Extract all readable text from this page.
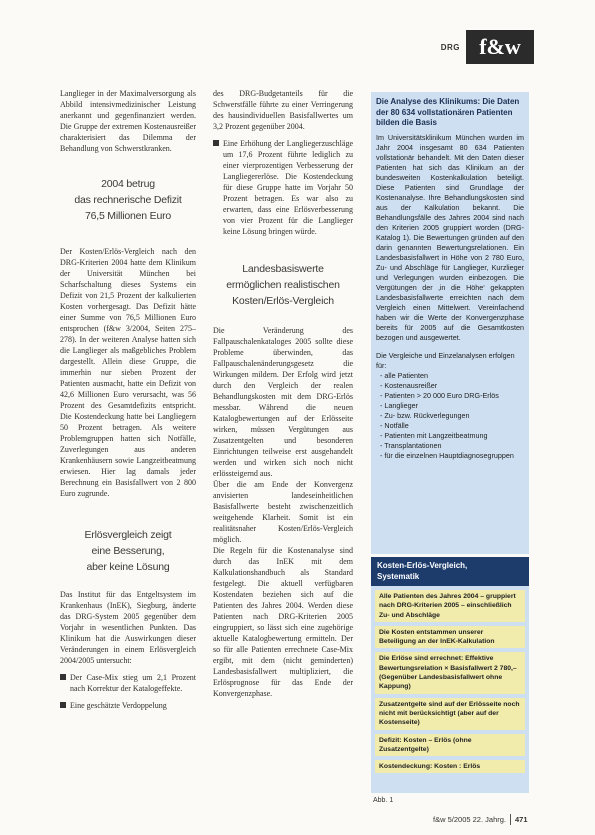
DRG f&w

Langlieger in der Maximalversorgung als Abbild intensivmedizinischer Leistung anerkannt und gegenfinanziert werden. Die Gruppe der extremen Kostenausreißer charakterisiert das Dilemma der Behandlung von Schwerstkranken.

2004 betrug
das rechnerische Defizit
76,5 Millionen Euro

Der Kosten/Erlös-Vergleich nach den DRG-Kriterien 2004 hatte dem Klinikum der Universität München bei Scharfschaltung dieses Systems ein Defizit von 21,5 Prozent der kalkulierten Kosten vorhergesagt. Das Defizit hätte einer Summe von 76,5 Millionen Euro entsprochen (f&w 3/2004, Seiten 275–278). In der weiteren Analyse hatten sich die Langlieger als maßgebliches Problem dargestellt. Allein diese Gruppe, die immerhin nur sieben Prozent der Patienten ausmacht, hatte ein Defizit von 42,6 Millionen Euro verursacht, was 56 Prozent des Gesamtdefizits entspricht. Die Kostendeckung hatte bei Langliegern 50 Prozent betragen. Als weitere Problemgruppen hatten sich Notfälle, Zuverlegungen aus anderen Krankenhäusern sowie Langzeitbeatmung erwiesen. Hier lag damals jeder Berechnung ein Basisfallwert von 2 800 Euro zugrunde.

Erlösvergleich zeigt
eine Besserung,
aber keine Lösung

Das Institut für das Entgeltsystem im Krankenhaus (InEK), Siegburg, änderte das DRG-System 2005 gegenüber dem Vorjahr in wesentlichen Punkten. Das Klinikum hat die Auswirkungen dieser Veränderungen in einem Erlösvergleich 2004/2005 untersucht:

Der Case-Mix stieg um 2,1 Prozent nach Korrektur der Katalogeffekte.
Eine geschätzte Verdoppelung

des DRG-Budgetanteils für die Schwerstfälle führte zu einer Verringerung des hausindividuellen Basisfallwertes um 3,2 Prozent gegenüber 2004.

Eine Erhöhung der Langliegerzuschläge um 17,6 Prozent führte lediglich zu einer vierprozentigen Verbesserung der Langliegererlöse. Die Kostendeckung für diese Gruppe hatte im Vorjahr 50 Prozent betragen. Es war also zu erwarten, dass eine Erlösverbesserung von vier Prozent für die Langlieger keine Lösung bringen würde.
Landesbasiswerte
ermöglichen realistischen
Kosten/Erlös-Vergleich

Die Veränderung des Fallpauschalenkataloges 2005 sollte diese Probleme überwinden, das Fallpauschalenänderungsgesetz die Wirkungen mildern. Der Erfolg wird jetzt durch den Vergleich der realen Behandlungskosten mit dem DRG-Erlös messbar. Während die neuen Katalogbewertungen auf der Erlösseite wirken, müssen Vergütungen aus Zusatzentgelten und besonderen Einrichtungen teilweise erst ausgehandelt werden und wirken sich noch nicht erlössteigernd aus.

Über die am Ende der Konvergenz anvisierten landeseinheitlichen Basisfallwerte besteht zwischenzeitlich weitgehende Klarheit. Somit ist ein realitätsnaher Kosten/Erlös-Vergleich möglich.

Die Regeln für die Kostenanalyse sind durch das InEK mit dem Kalkulationshandbuch als Standard festgelegt. Die aktuell verfügbaren Kostendaten beziehen sich auf die Patienten des Jahres 2004. Werden diese Patienten nach DRG-Kriterien 2005 eingruppiert, so lässt sich eine zugehörige aktuelle Katalogbewertung ermitteln. Der so für alle Patienten errechnete Case-Mix ergibt, mit dem (nicht geminderten) Landesbasisfallwert multipliziert, die Erlösprognose für das Ende der Konvergenzphase.

Die Analyse des Klinikums: Die Daten der 80 634 vollstationären Patienten bilden die Basis
Im Universitätsklinikum München wurden im Jahr 2004 insgesamt 80 634 Patienten vollstationär behandelt. Mit den Daten dieser Patienten hat sich das Klinikum an der bundesweiten Kostenkalkulation beteiligt. Diese Patienten sind Grundlage der Kostenanalyse. Ihre Behandlungskosten sind aus der Kalkulation bekannt. Die Behandlungsfälle des Jahres 2004 sind nach den Kriterien 2005 gruppiert worden (DRG-Katalog 1). Die Bewertungen gründen auf den darin genannten Bewertungsrelationen. Ein Landesbasisfallwert in Höhe von 2 780 Euro, Zu- und Abschläge für Langlieger, Kurzlieger und Verlegungen wurden einbezogen. Die Vergütungen der ‚in die Höhe‘ gekappten Landesbasisfallwerte erreichten nach dem Vergleich einen Mittelwert. Vereinfachend haben wir die Werte der Konvergenzphase bereits für 2005 auf die Gesamtkosten bezogen und ausgewertet.
Die Vergleiche und Einzelanalysen erfolgen für:
- alle Patienten
- Kostenausreißer
- Patienten > 20 000 Euro DRG-Erlös
- Langlieger
- Zu- bzw. Rückverlegungen
- Notfälle
- Patienten mit Langzeitbeatmung
- Transplantationen
- für die einzelnen Hauptdiagnosegruppen
Kosten-Erlös-Vergleich,
Systematik
Alle Patienten des Jahres 2004 – gruppiert nach DRG-Kriterien 2005 – einschließlich Zu- und Abschläge
Die Kosten entstammen unserer Beteiligung an der InEK-Kalkulation
Die Erlöse sind errechnet: Effektive Bewertungsrelation × Basisfallwert 2 780,– (Gegenüber Landesbasisfallwert ohne Kappung)
Zusatzentgelte sind auf der Erlösseite noch nicht mit berücksichtigt (aber auf der Kostenseite)
Defizit: Kosten – Erlös (ohne Zusatzentgelte)
Kostendeckung: Kosten : Erlös
Abb. 1
f&w 5/2005 22. Jahrg. 471
